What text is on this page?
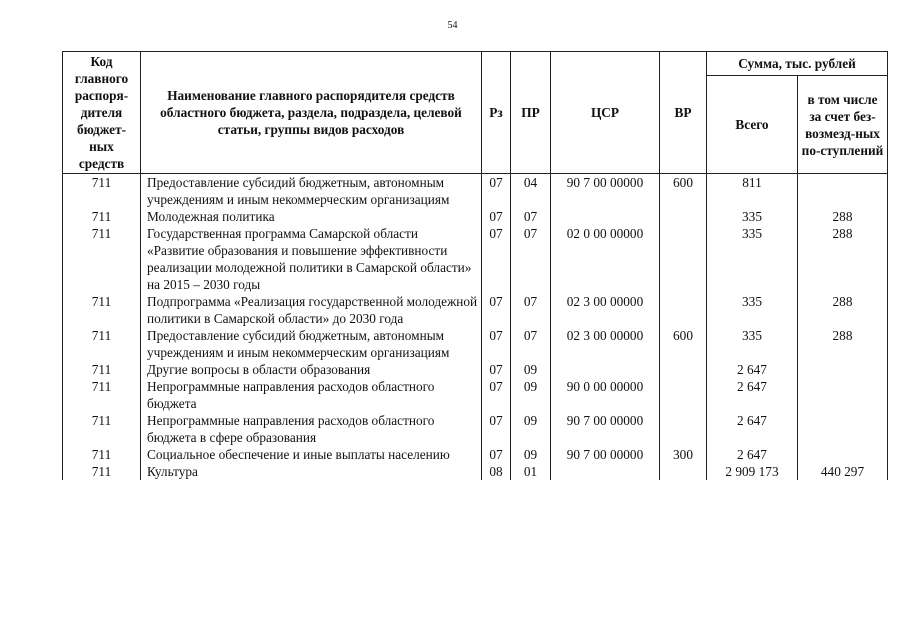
54
Код главного распоря-дителя бюджет-ных средств	Наименование главного распорядителя средств областного бюджета, раздела, подраздела, целевой статьи, группы видов расходов	Рз	ПР	ЦСР	ВР	Сумма, тыс. рублей	
						Всего	в том числе за счет без-возмезд-ных по-ступлений
711	Предоставление субсидий бюджетным, автономным учреждениям и иным некоммерческим организациям	07	04	90 7 00 00000	600	811	
711	Молодежная политика	07	07			335	288
711	Государственная программа Самарской области «Развитие образования и повышение эффективности реализации молодежной политики в Самарской области» на 2015 – 2030 годы	07	07	02 0 00 00000		335	288
711	Подпрограмма «Реализация государственной молодежной политики в Самарской области» до 2030 года	07	07	02 3 00 00000		335	288
711	Предоставление субсидий бюджетным, автономным учреждениям и иным некоммерческим организациям	07	07	02 3 00 00000	600	335	288
711	Другие вопросы в области образования	07	09			2 647	
711	Непрограммные направления расходов областного бюджета	07	09	90 0 00 00000		2 647	
711	Непрограммные направления расходов областного бюджета в сфере образования	07	09	90 7 00 00000		2 647	
711	Социальное обеспечение и иные выплаты населению	07	09	90 7 00 00000	300	2 647	
711	Культура	08	01			2 909 173	440 297
